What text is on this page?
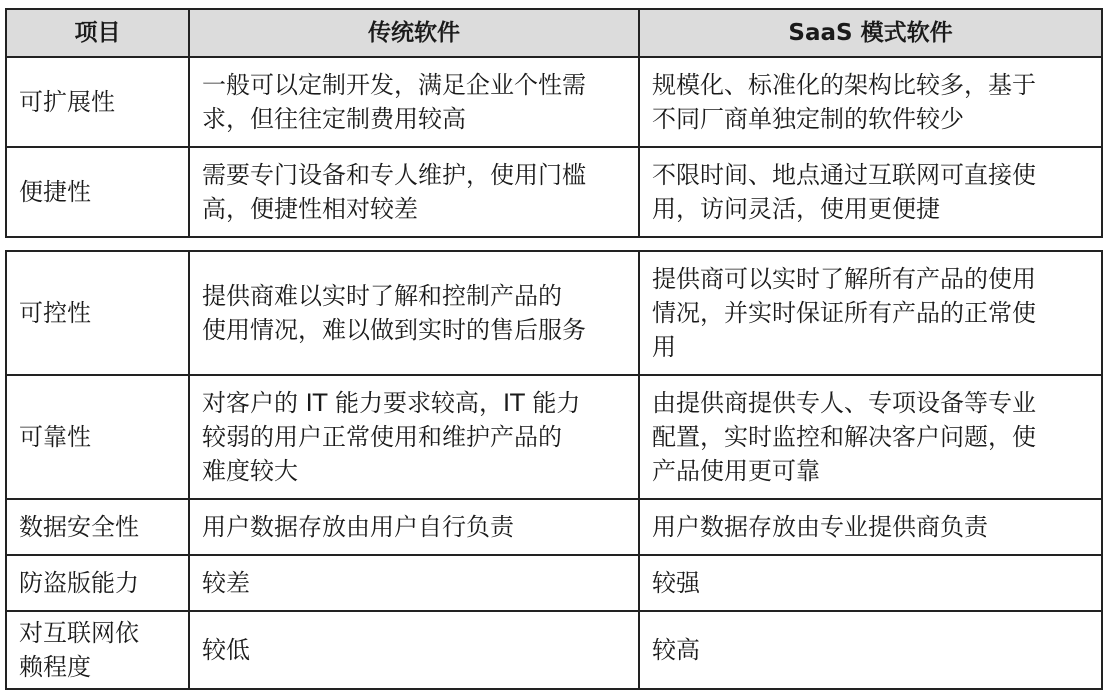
项目	传统软件	SaaS 模式软件
可扩展性	一般可以定制开发，满足企业个性需
求，但往往定制费用较高	规模化、标准化的架构比较多，基于
不同厂商单独定制的软件较少
便捷性	需要专门设备和专人维护，使用门槛
高，便捷性相对较差	不限时间、地点通过互联网可直接使
用，访问灵活，使用更便捷
可控性	提供商难以实时了解和控制产品的
使用情况，难以做到实时的售后服务	提供商可以实时了解所有产品的使用
情况，并实时保证所有产品的正常使
用
可靠性	对客户的 IT 能力要求较高，IT 能力
较弱的用户正常使用和维护产品的
难度较大	由提供商提供专人、专项设备等专业
配置，实时监控和解决客户问题，使
产品使用更可靠
数据安全性	用户数据存放由用户自行负责	用户数据存放由专业提供商负责
防盗版能力	较差	较强
对互联网依
赖程度	较低	较高
